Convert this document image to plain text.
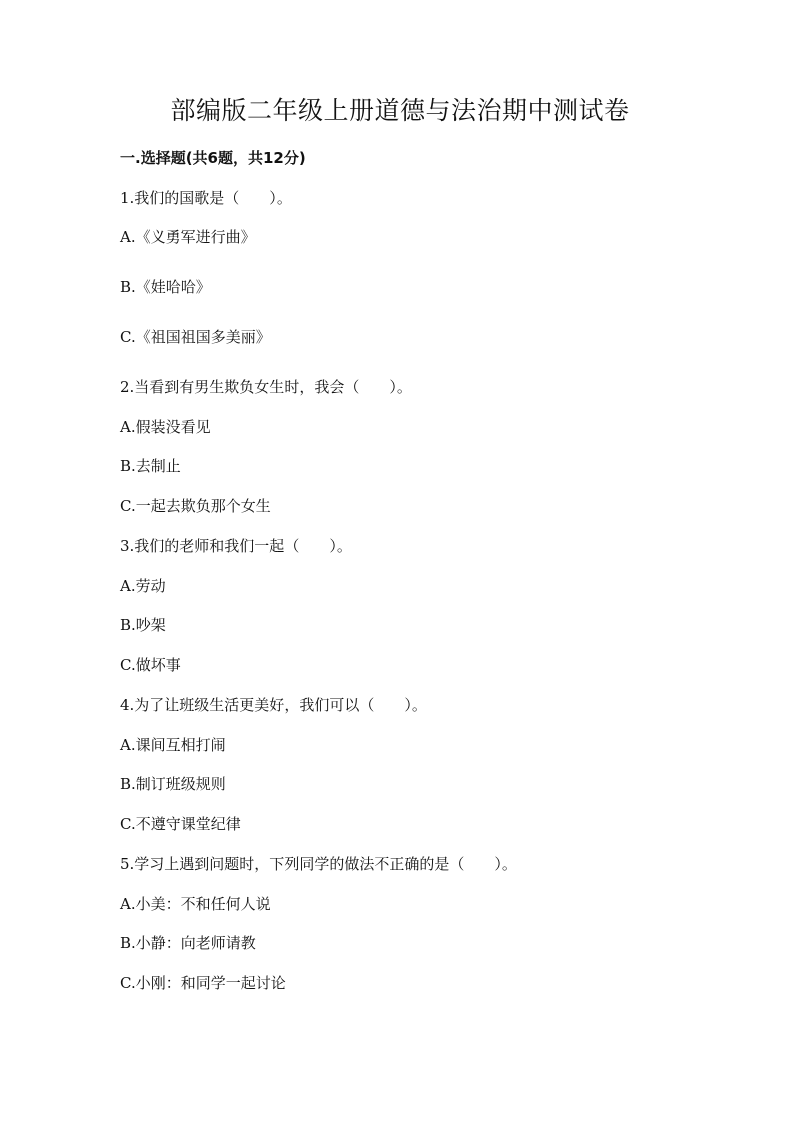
部编版二年级上册道德与法治期中测试卷
一.选择题(共6题，共12分)
1.我们的国歌是（　　）。
A.《义勇军进行曲》
B.《娃哈哈》
C.《祖国祖国多美丽》
2.当看到有男生欺负女生时，我会（　　）。
A.假装没看见
B.去制止
C.一起去欺负那个女生
3.我们的老师和我们一起（　　）。
A.劳动
B.吵架
C.做坏事
4.为了让班级生活更美好，我们可以（　　）。
A.课间互相打闹
B.制订班级规则
C.不遵守课堂纪律
5.学习上遇到问题时，下列同学的做法不正确的是（　　）。
A.小美：不和任何人说
B.小静：向老师请教
C.小刚：和同学一起讨论
